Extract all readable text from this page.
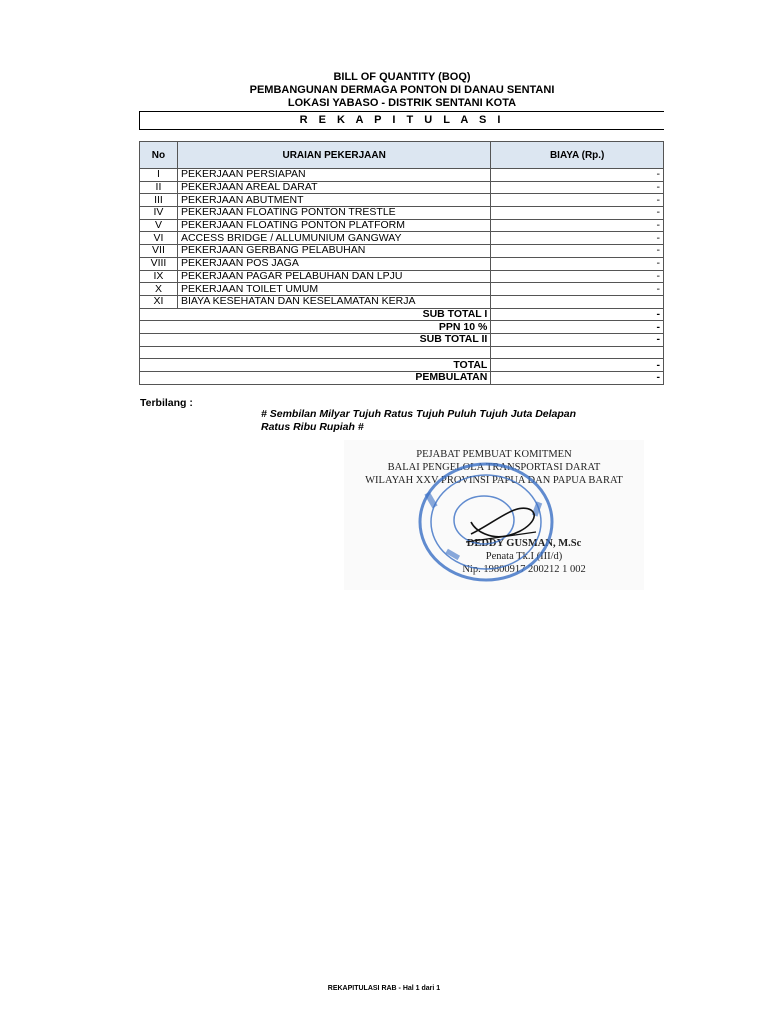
BILL OF QUANTITY (BOQ)
PEMBANGUNAN DERMAGA PONTON DI DANAU SENTANI
LOKASI YABASO - DISTRIK SENTANI KOTA
R E K A P I T U L A S I
No	URAIAN PEKERJAAN	BIAYA (Rp.)
I	PEKERJAAN PERSIAPAN	-
II	PEKERJAAN AREAL DARAT	-
III	PEKERJAAN ABUTMENT	-
IV	PEKERJAAN FLOATING PONTON TRESTLE	-
V	PEKERJAAN FLOATING PONTON PLATFORM	-
VI	ACCESS BRIDGE / ALLUMUNIUM GANGWAY	-
VII	PEKERJAAN GERBANG PELABUHAN	-
VIII	PEKERJAAN POS JAGA	-
IX	PEKERJAAN PAGAR PELABUHAN DAN LPJU	-
X	PEKERJAAN TOILET UMUM	-
XI	BIAYA KESEHATAN DAN KESELAMATAN KERJA	
SUB TOTAL I		-
PPN 10 %		-
SUB TOTAL II		-

TOTAL		-
PEMBULATAN		-
Terbilang :
# Sembilan Milyar Tujuh Ratus Tujuh Puluh Tujuh Juta Delapan
Ratus Ribu Rupiah #
PEJABAT PEMBUAT KOMITMEN
BALAI PENGELOLA TRANSPORTASI DARAT
WILAYAH XXV PROVINSI PAPUA DAN PAPUA BARAT
DEDDY GUSMAN, M.Sc
Penata Tk.I (III/d)
Nip. 19800917 200212 1 002
REKAPITULASI RAB - Hal 1 dari 1
